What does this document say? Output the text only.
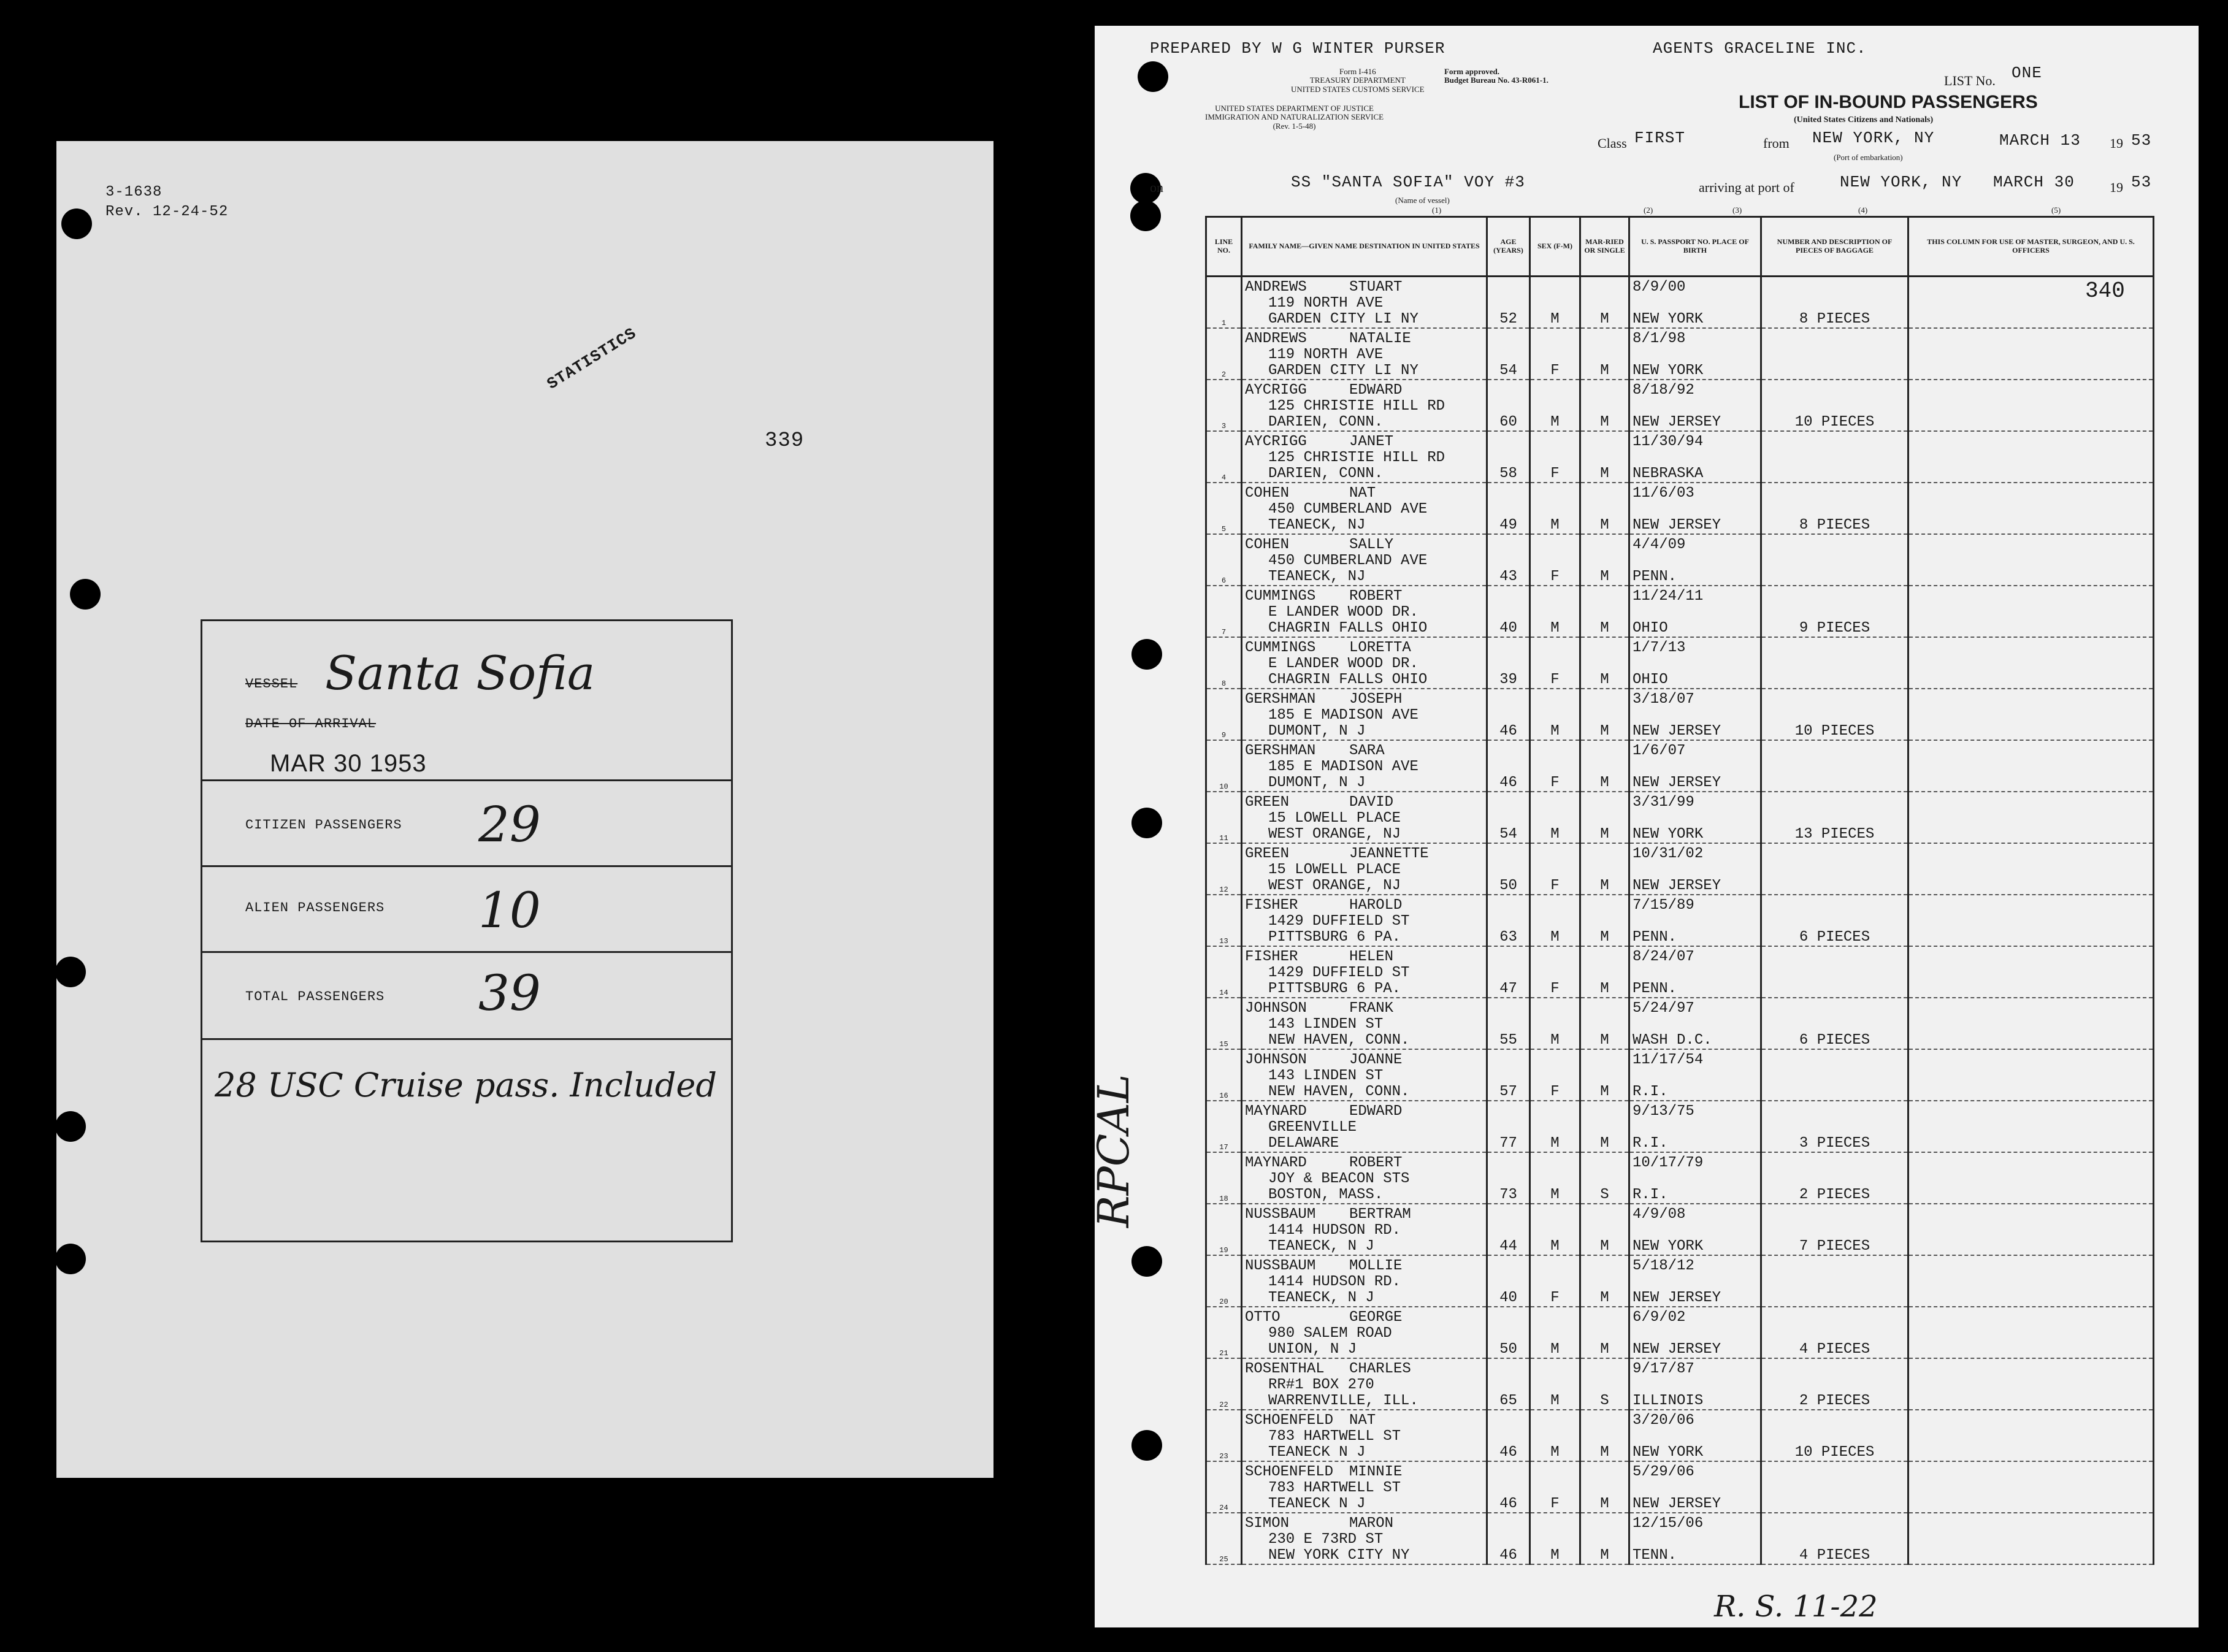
3-1638
Rev. 12-24-52
STATISTICS
339
VESSEL Santa Sofia
DATE OF ARRIVAL
MAR 30 1953
CITIZEN PASSENGERS 29
ALIEN PASSENGERS 10
TOTAL PASSENGERS 39
28 USC Cruise pass. Included
PREPARED BY W G WINTER PURSER	AGENTS GRACELINE INC.
Form I-416
TREASURY DEPARTMENT
UNITED STATES CUSTOMS SERVICE
Form approved.
Budget Bureau No. 43-R061-1.
UNITED STATES DEPARTMENT OF JUSTICE
IMMIGRATION AND NATURALIZATION SERVICE
(Rev. 1-5-48)
LIST No. ONE
LIST OF IN-BOUND PASSENGERS
(United States Citizens and Nationals)
Class FIRST	from NEW YORK, NY	MARCH 13 19 53
(Port of embarkation)
on	SS "SANTA SOFIA" VOY #3
(Name of vessel)
arriving at port of	NEW YORK, NY MARCH 30	19 53
(1)	(2)	(3)	(4)	(5)
LINE NO.	FAMILY NAME—GIVEN NAME DESTINATION IN UNITED STATES	AGE (YEARS)	SEX (F-M)	MAR-RIED OR SINGLE	U. S. PASSPORT NO. PLACE OF BIRTH	NUMBER AND DESCRIPTION OF PIECES OF BAGGAGE	THIS COLUMN FOR USE OF MASTER, SURGEON, AND U. S. OFFICERS
1	ANDREWS STUART
119 NORTH AVE
GARDEN CITY LI NY	52	M	M	8/9/00
NEW YORK	8 PIECES	
2	ANDREWS NATALIE
119 NORTH AVE
GARDEN CITY LI NY	54	F	M	8/1/98
NEW YORK		

3	AYCRIGG EDWARD
125 CHRISTIE HILL RD
DARIEN, CONN.	60	M	M	8/18/92
NEW JERSEY	10 PIECES	
4	AYCRIGG JANET
125 CHRISTIE HILL RD
DARIEN, CONN.	58	F	M	11/30/94
NEBRASKA		

5	COHEN NAT
450 CUMBERLAND AVE
TEANECK, NJ	49	M	M	11/6/03
NEW JERSEY	8 PIECES	
6	COHEN SALLY
450 CUMBERLAND AVE
TEANECK, NJ	43	F	M	4/4/09
PENN.		

7	CUMMINGS ROBERT
E LANDER WOOD DR.
CHAGRIN FALLS OHIO	40	M	M	11/24/11
OHIO	9 PIECES	
8	CUMMINGS LORETTA
E LANDER WOOD DR.
CHAGRIN FALLS OHIO	39	F	M	1/7/13
OHIO		

9	GERSHMAN JOSEPH
185 E MADISON AVE
DUMONT, N J	46	M	M	3/18/07
NEW JERSEY	10 PIECES	
10	GERSHMAN SARA
185 E MADISON AVE
DUMONT, N J	46	F	M	1/6/07
NEW JERSEY		

11	GREEN DAVID
15 LOWELL PLACE
WEST ORANGE, NJ	54	M	M	3/31/99
NEW YORK	13 PIECES	
12	GREEN JEANNETTE
15 LOWELL PLACE
WEST ORANGE, NJ	50	F	M	10/31/02
NEW JERSEY		

13	FISHER HAROLD
1429 DUFFIELD ST
PITTSBURG 6 PA.	63	M	M	7/15/89
PENN.	6 PIECES	
14	FISHER HELEN
1429 DUFFIELD ST
PITTSBURG 6 PA.	47	F	M	8/24/07
PENN.		

15	JOHNSON FRANK
143 LINDEN ST
NEW HAVEN, CONN.	55	M	M	5/24/97
WASH D.C.	6 PIECES	
16	JOHNSON JOANNE
143 LINDEN ST
NEW HAVEN, CONN.	57	F	M	11/17/54
R.I.		

17	MAYNARD EDWARD
GREENVILLE
DELAWARE	77	M	M	9/13/75
R.I.	3 PIECES	
18	MAYNARD ROBERT
JOY & BEACON STS
BOSTON, MASS.	73	M	S	10/17/79
R.I.	2 PIECES	
19	NUSSBAUM BERTRAM
1414 HUDSON RD.
TEANECK, N J	44	M	M	4/9/08
NEW YORK	7 PIECES	
20	NUSSBAUM MOLLIE
1414 HUDSON RD.
TEANECK, N J	40	F	M	5/18/12
NEW JERSEY		

21	OTTO GEORGE
980 SALEM ROAD
UNION, N J	50	M	M	6/9/02
NEW JERSEY	4 PIECES	
22	ROSENTHAL CHARLES
RR#1 BOX 270
WARRENVILLE, ILL.	65	M	S	9/17/87
ILLINOIS	2 PIECES	
23	SCHOENFELD NAT
783 HARTWELL ST
TEANECK N J	46	M	M	3/20/06
NEW YORK	10 PIECES	
24	SCHOENFELD MINNIE
783 HARTWELL ST
TEANECK N J	46	F	M	5/29/06
NEW JERSEY		

25	SIMON MARON
230 E 73RD ST
NEW YORK CITY NY	46	M	M	12/15/06
TENN.	4 PIECES	
340
RPCAL
R. S. 11-22
